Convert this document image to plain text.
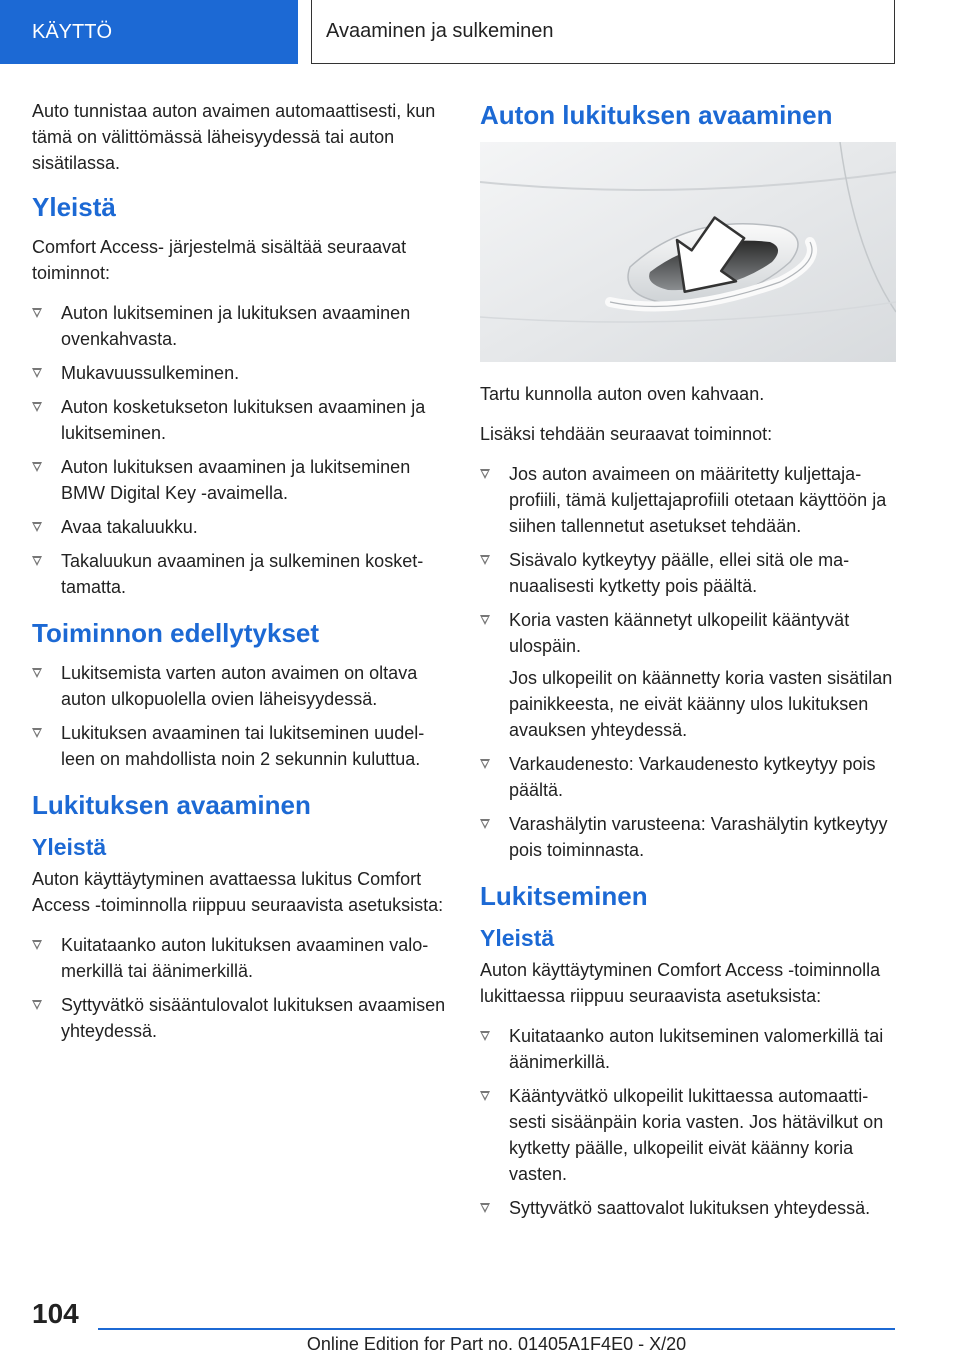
KÄYTTÖ	Avaaminen ja sulkeminen

Auto tunnistaa auton avaimen automaattisesti, kun tämä on välittömässä läheisyydessä tai auton sisätilassa.

Yleistä

Comfort Access- järjestelmä sisältää seuraavat toiminnot:

Auton lukitseminen ja lukituksen avaaminen ovenkahvasta.
Mukavuussulkeminen.
Auton kosketukseton lukituksen avaaminen ja lukitseminen.
Auton lukituksen avaaminen ja lukitseminen BMW Digital Key -avaimella.
Avaa takaluukku.
Takaluukun avaaminen ja sulkeminen koskettamatta.
Toiminnon edellytykset
Lukitsemista varten auton avaimen on oltava auton ulkopuolella ovien läheisyydessä.
Lukituksen avaaminen tai lukitseminen uudelleen on mahdollista noin 2 sekunnin kuluttua.
Lukituksen avaaminen
Yleistä

Auton käyttäytyminen avattaessa lukitus Comfort Access -toiminnolla riippuu seuraavista asetuksista:

Kuitataanko auton lukituksen avaaminen valomerkillä tai äänimerkillä.
Syttyvätkö sisääntulovalot lukituksen avaamisen yhteydessä.
Auton lukituksen avaaminen

Tartu kunnolla auton oven kahvaan.

Lisäksi tehdään seuraavat toiminnot:

Jos auton avaimeen on määritetty kuljettajaprofiili, tämä kuljettajaprofiili otetaan käyttöön ja siihen tallennetut asetukset tehdään.
Sisävalo kytkeytyy päälle, ellei sitä ole manuaalisesti kytketty pois päältä.
Koria vasten käännetyt ulkopeilit kääntyvät ulospäin.
Jos ulkopeilit on käännetty koria vasten sisätilan painikkeesta, ne eivät käänny ulos lukituksen avauksen yhteydessä.
Varkaudenesto: Varkaudenesto kytkeytyy pois päältä.
Varashälytin varusteena: Varashälytin kytkeytyy pois toiminnasta.
Lukitseminen
Yleistä

Auton käyttäytyminen Comfort Access -toiminnolla lukittaessa riippuu seuraavista asetuksista:

Kuitataanko auton lukitseminen valomerkillä tai äänimerkillä.
Kääntyvätkö ulkopeilit lukittaessa automaattisesti sisäänpäin koria vasten. Jos hätävilkut on kytketty päälle, ulkopeilit eivät käänny koria vasten.
Syttyvätkö saattovalot lukituksen yhteydessä.
104
Online Edition for Part no. 01405A1F4E0 - X/20
